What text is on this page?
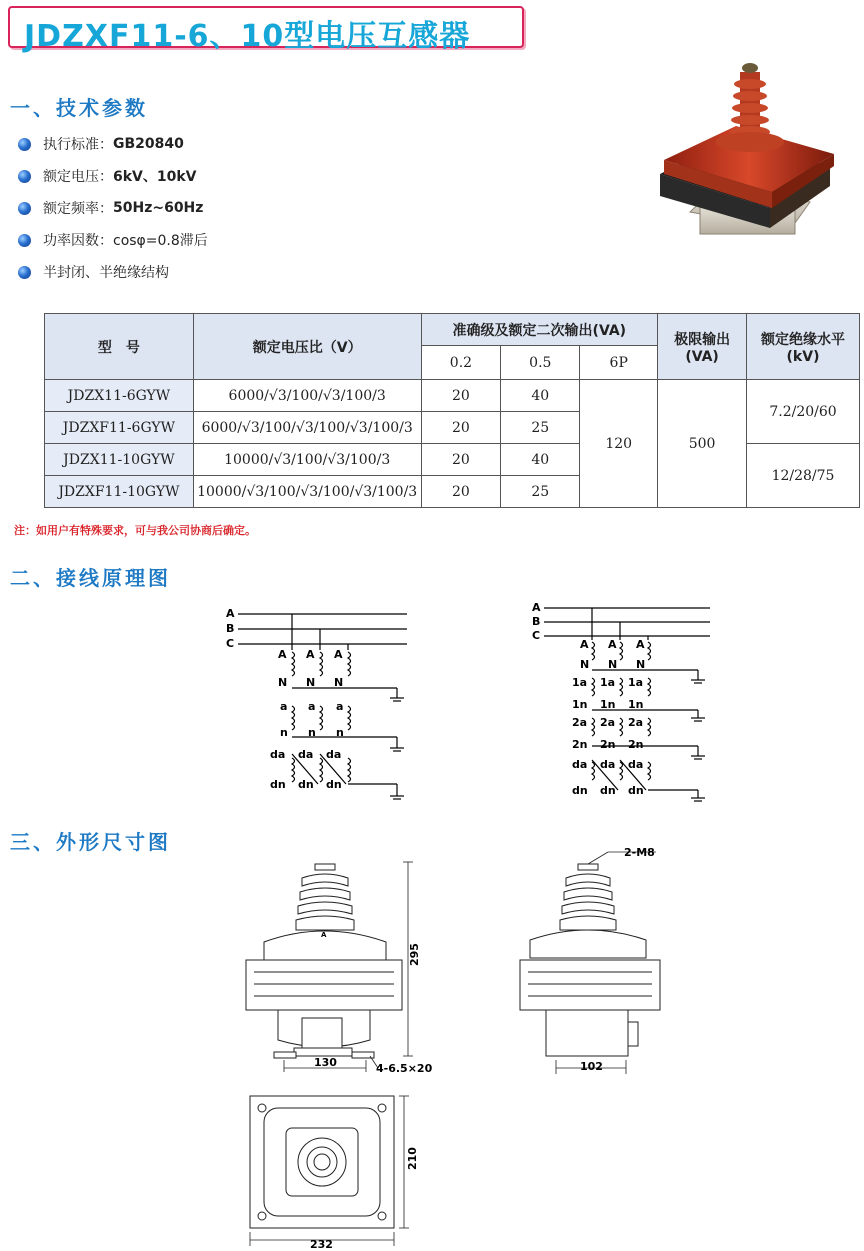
JDZXF11-6、10型电压互感器
一、技术参数
执行标准： GB20840
额定电压： 6kV、10kV
额定频率： 50Hz~60Hz
功率因数： cosφ=0.8滞后
半封闭、半绝缘结构
型　号	额定电压比（V）	准确级及额定二次输出(VA)			极限输出(VA)	额定绝缘水平(kV)
		0.2	0.5	6P		
JDZX11-6GYW	6000/√3/100/√3/100/3	20	40	120	500	7.2/20/60
JDZXF11-6GYW	6000/√3/100/√3/100/√3/100/3	20	25			
JDZX11-10GYW	10000/√3/100/√3/100/3	20	40			12/28/75
JDZXF11-10GYW	10000/√3/100/√3/100/√3/100/3	20	25			
注：如用户有特殊要求，可与我公司协商后确定。
二、接线原理图
A
B
C
A A A
N N N
a a a
n n n
da da da
dn dn dn
A
B
C
A A A
N N N
1a 1a 1a
1n 1n 1n
2a 2a 2a
2n 2n 2n
da da da
dn dn dn
三、外形尺寸图
295
130	4-6.5×20
A
2-M8
102
210
232
